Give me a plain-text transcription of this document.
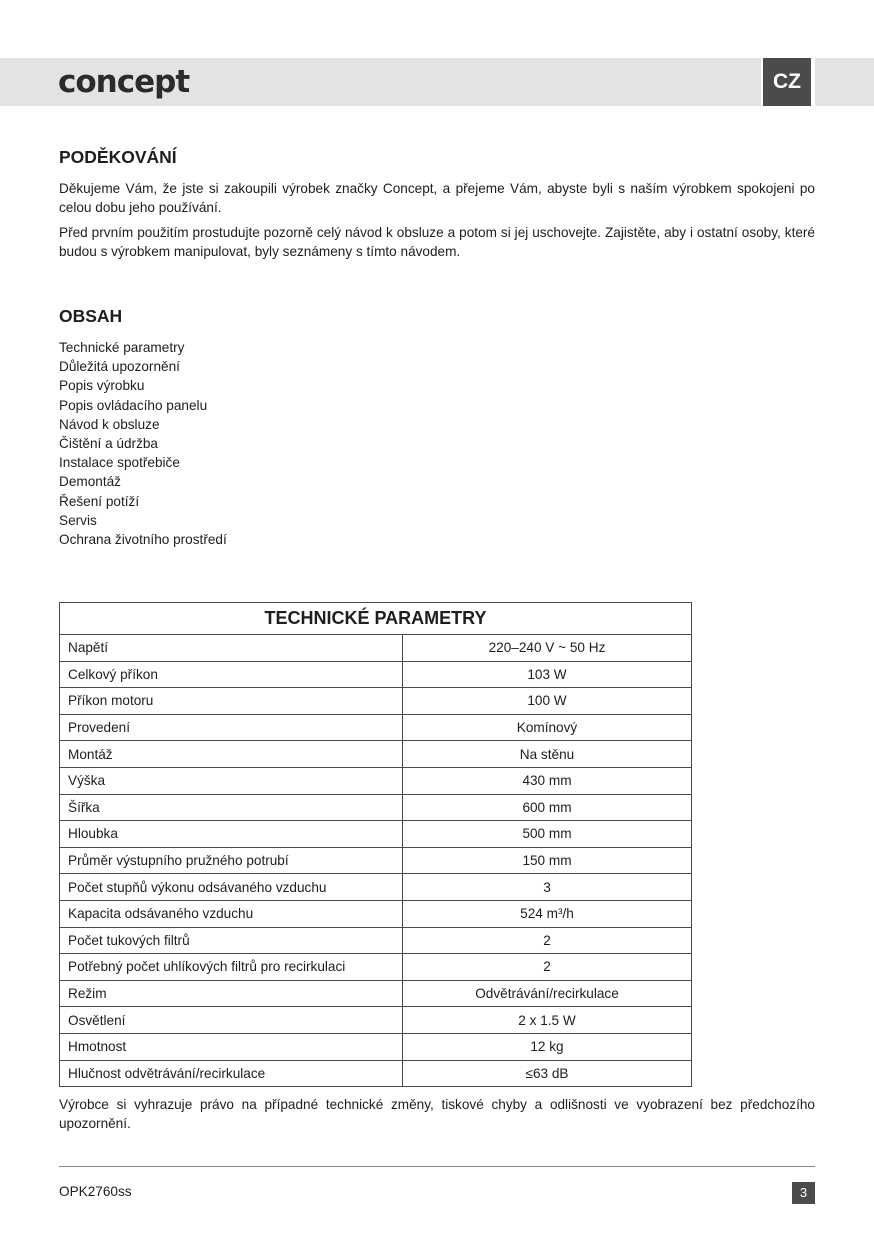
concept	CZ
PODĚKOVÁNÍ
Děkujeme Vám, že jste si zakoupili výrobek značky Concept, a přejeme Vám, abyste byli s naším výrobkem spokojeni po celou dobu jeho používání.
Před prvním použitím prostudujte pozorně celý návod k obsluze a potom si jej uschovejte. Zajistěte, aby i ostatní osoby, které budou s výrobkem manipulovat, byly seznámeny s tímto návodem.
OBSAH
Technické parametry
Důležitá upozornění
Popis výrobku
Popis ovládacího panelu
Návod k obsluze
Čištění a údržba
Instalace spotřebiče
Demontáž
Řešení potíží
Servis
Ochrana životního prostředí
TECHNICKÉ PARAMETRY	
Napětí	220–240 V ~ 50 Hz
Celkový příkon	103 W
Příkon motoru	100 W
Provedení	Komínový
Montáž	Na stěnu
Výška	430 mm
Šířka	600 mm
Hloubka	500 mm
Průměr výstupního pružného potrubí	150 mm
Počet stupňů výkonu odsávaného vzduchu	3
Kapacita odsávaného vzduchu	524 m³/h
Počet tukových filtrů	2
Potřebný počet uhlíkových filtrů pro recirkulaci	2
Režim	Odvětrávání/recirkulace
Osvětlení	2 x 1.5 W
Hmotnost	12 kg
Hlučnost odvětrávání/recirkulace	≤63 dB
Výrobce si vyhrazuje právo na případné technické změny, tiskové chyby a odlišnosti ve vyobrazení bez předchozího upozornění.
OPK2760ss	3
